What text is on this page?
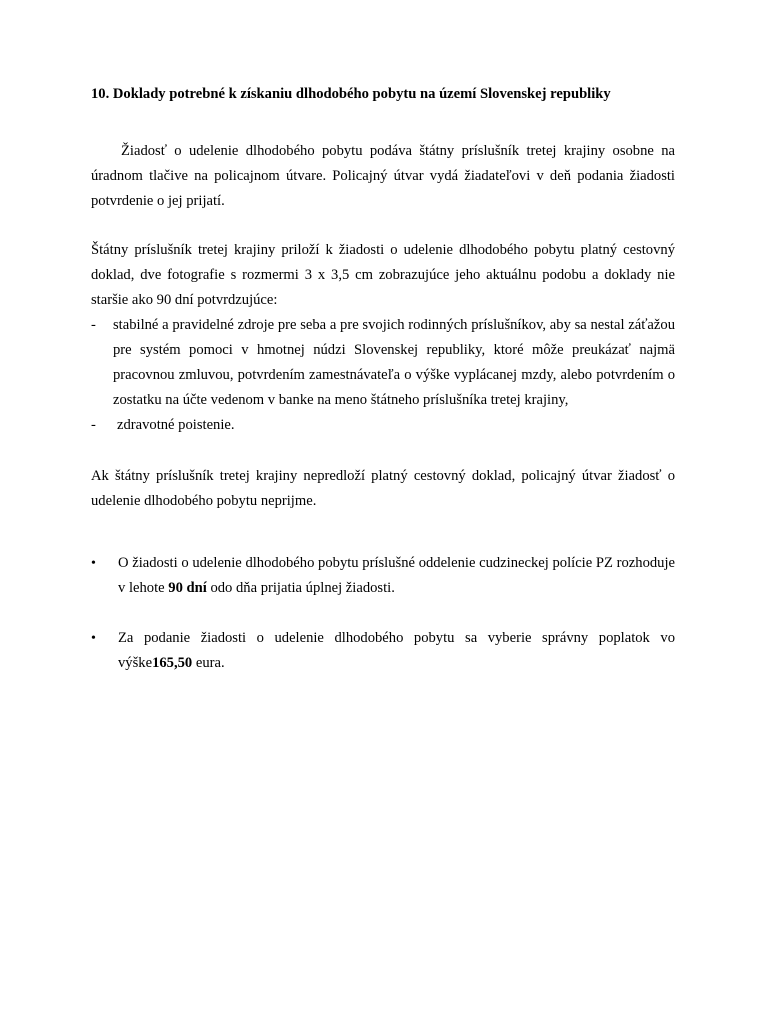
10. Doklady potrebné k získaniu dlhodobého pobytu na území Slovenskej republiky

Žiadosť o udelenie dlhodobého pobytu podáva štátny príslušník tretej krajiny osobne na úradnom tlačive na policajnom útvare. Policajný útvar vydá žiadateľovi v deň podania žiadosti potvrdenie o jej prijatí.

Štátny príslušník tretej krajiny priloží k žiadosti o udelenie dlhodobého pobytu platný cestovný doklad, dve fotografie s rozmermi 3 x 3,5 cm zobrazujúce jeho aktuálnu podobu a doklady nie staršie ako 90 dní potvrdzujúce:

-	stabilné a pravidelné zdroje pre seba a pre svojich rodinných príslušníkov, aby sa nestal záťažou pre systém pomoci v hmotnej núdzi Slovenskej republiky, ktoré môže preukázať najmä pracovnou zmluvou, potvrdením zamestnávateľa o výške vyplácanej mzdy, alebo potvrdením o zostatku na účte vedenom v banke na meno štátneho príslušníka tretej krajiny,
-	zdravotné poistenie.

Ak štátny príslušník tretej krajiny nepredloží platný cestovný doklad, policajný útvar žiadosť o udelenie dlhodobého pobytu neprijme.

•	O žiadosti o udelenie dlhodobého pobytu príslušné oddelenie cudzineckej polície PZ rozhoduje v lehote 90 dní odo dňa prijatia úplnej žiadosti.
•	Za podanie žiadosti o udelenie dlhodobého pobytu sa vyberie správny poplatok vo výške165,50 eura.
